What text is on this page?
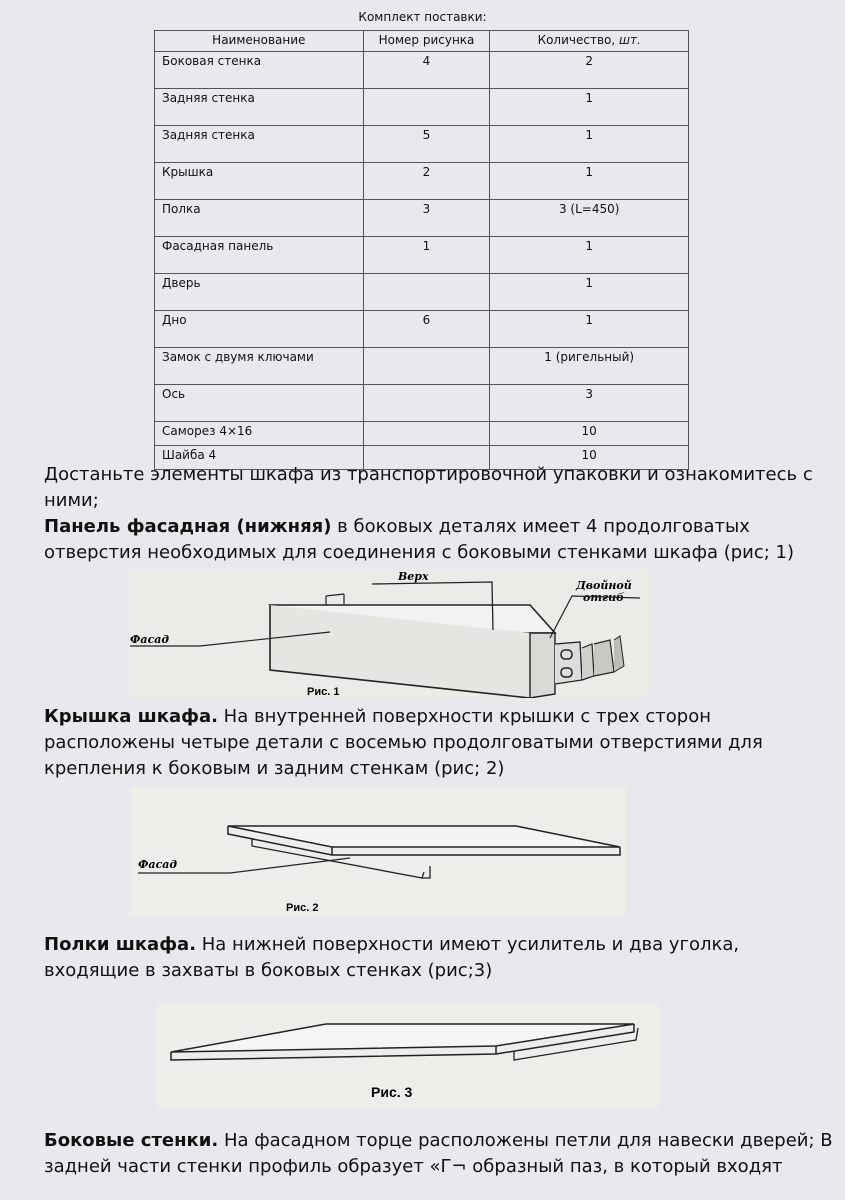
Комплект поставки:
Наименование	Номер рисунка	Количество, шт.
Боковая стенка	4	2
Задняя стенка		1
Задняя стенка	5	1
Крышка	2	1
Полка	3	3 (L=450)
Фасадная панель	1	1
Дверь		1
Дно	6	1
Замок с двумя ключами		1 (ригельный)
Ось		3
Саморез 4×16		10
Шайба 4		10

Достаньте элементы шкафа из транспортировочной упаковки и ознакомитесь с ними;

Панель фасадная (нижняя) в боковых деталях имеет 4 продолговатых отверстия необходимых для соединения с боковыми стенками шкафа (рис; 1)

Верх
Двойной
отгиб
Фасад
Рис. 1

Крышка шкафа. На внутренней поверхности крышки с трех сторон расположены четыре детали с восемью продолговатыми отверстиями для крепления к боковым и задним стенкам (рис; 2)

Фасад
Рис. 2

Полки шкафа. На нижней поверхности имеют усилитель и два уголка, входящие в захваты в боковых стенках (рис;3)

Рис. 3

Боковые стенки. На фасадном торце расположены петли для навески дверей; В задней части стенки профиль образует «Г¬ образный паз, в который входят
